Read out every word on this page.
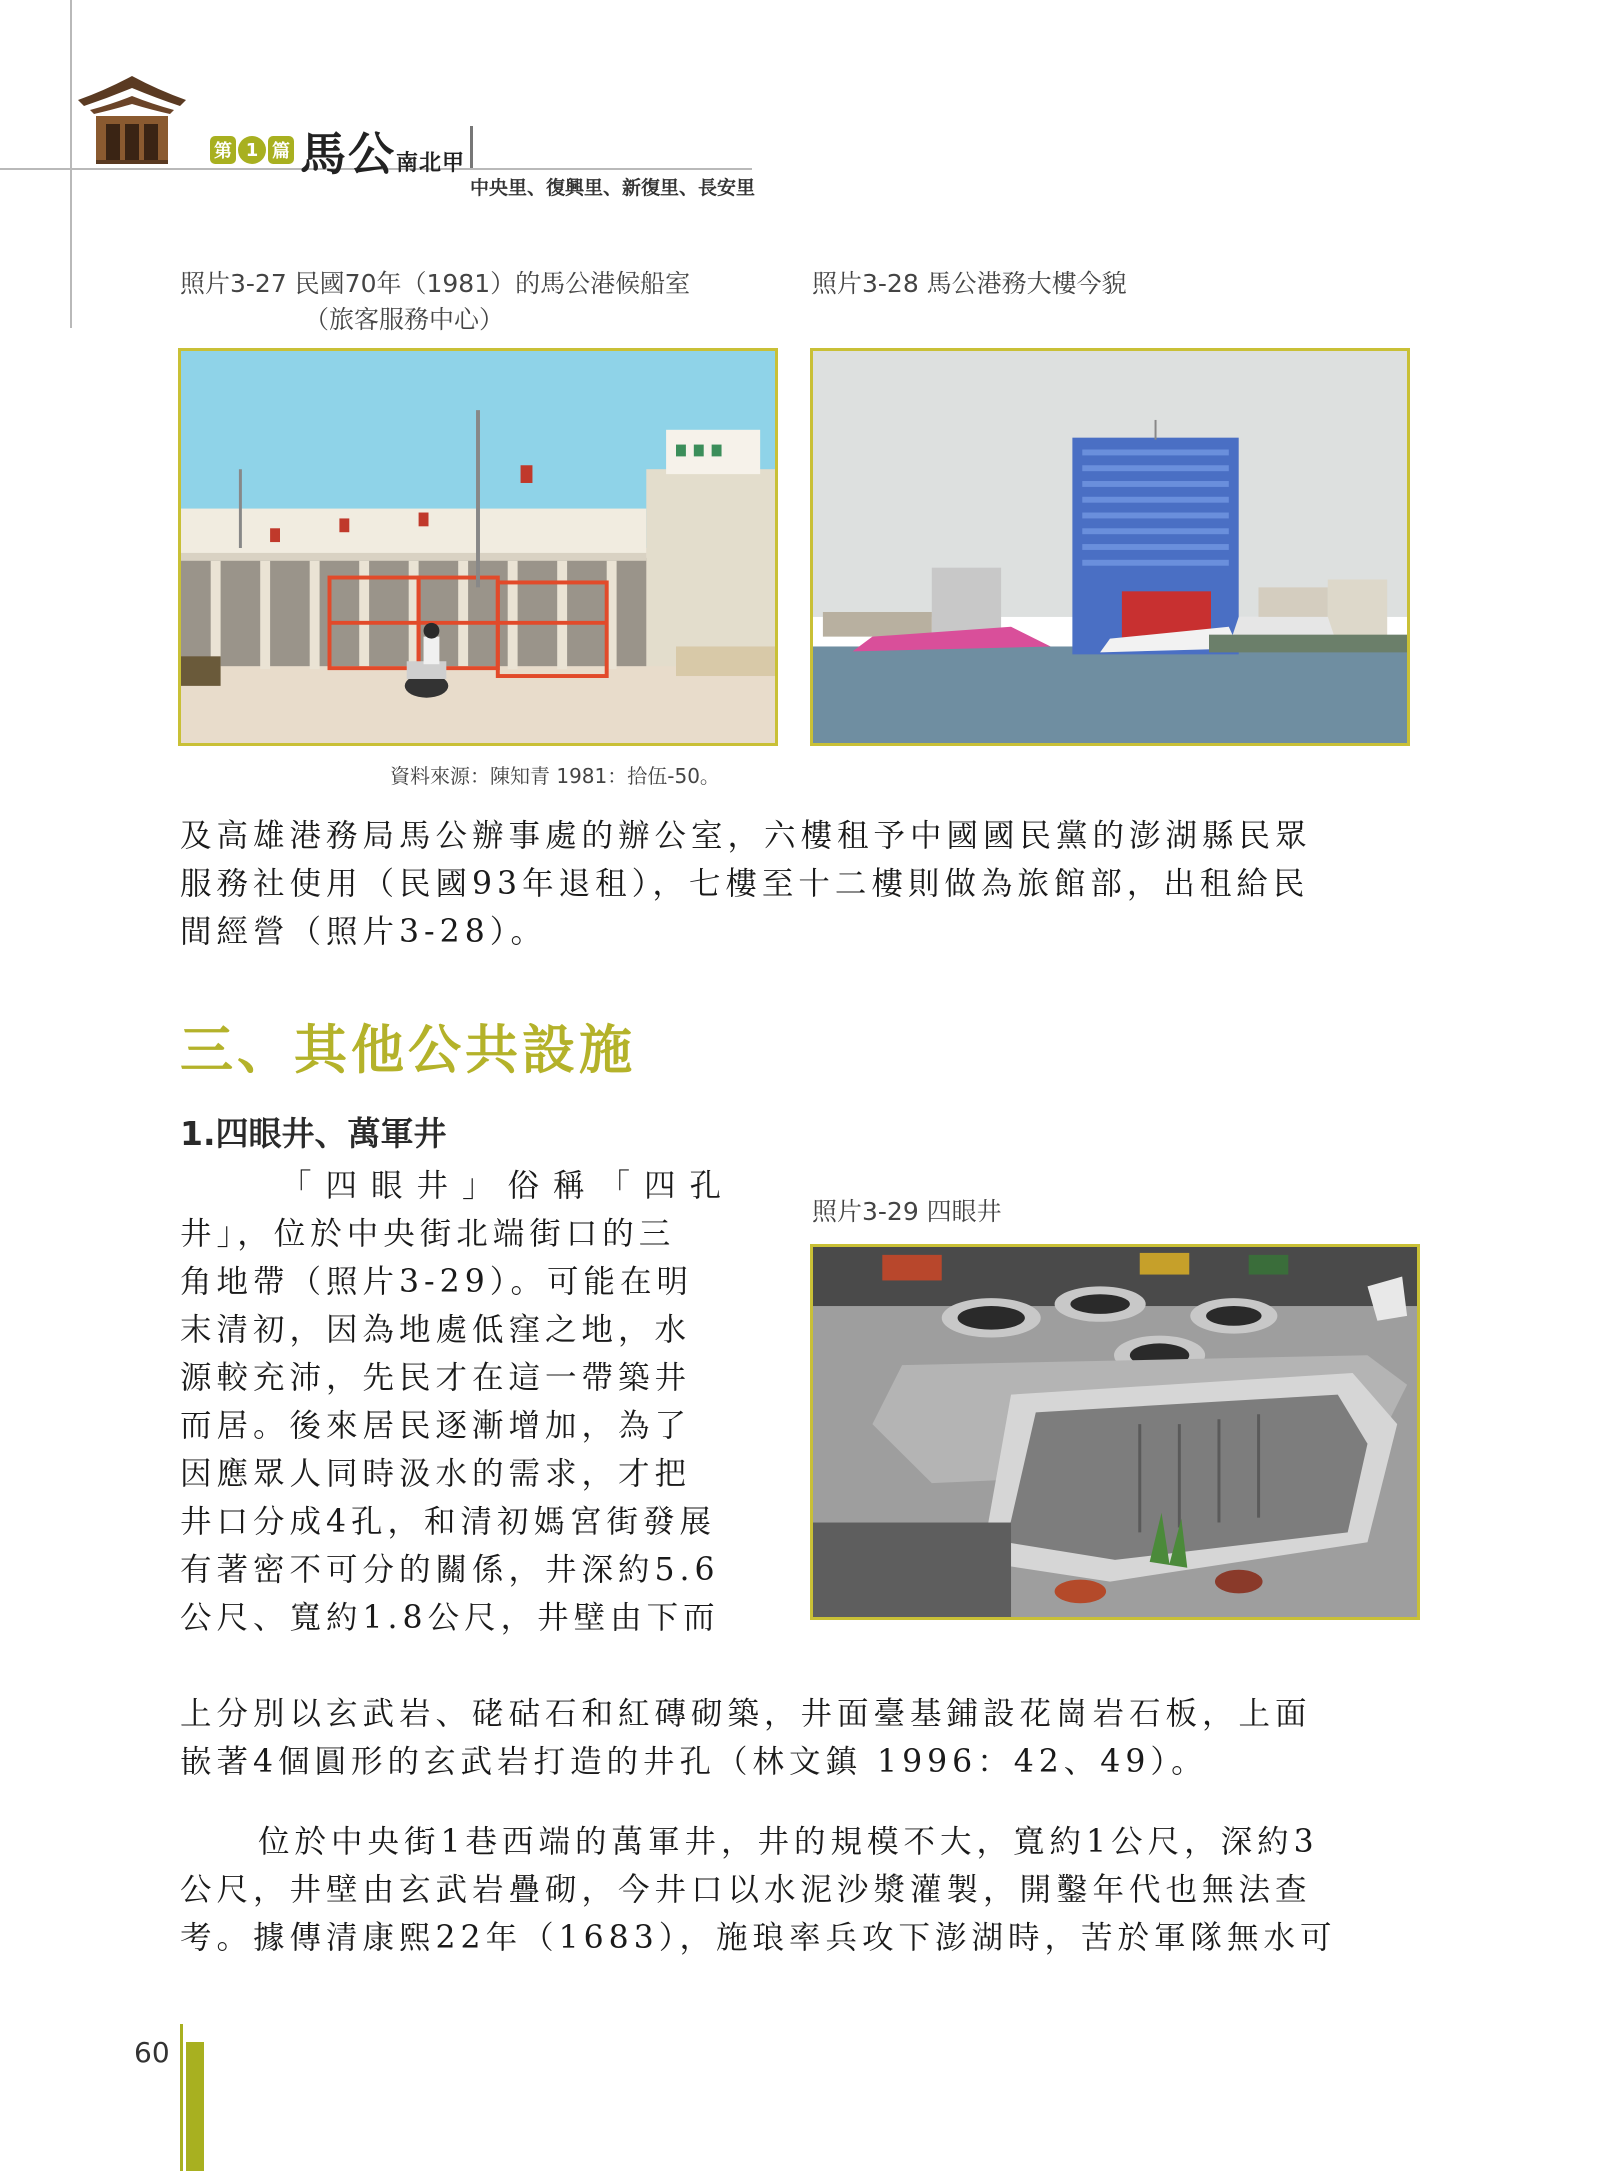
第 1 篇 馬公南北甲
中央里、復興里、新復里、長安里
照片3-27 民國70年（1981）的馬公港候船室
（旅客服務中心）
照片3-28 馬公港務大樓今貌
資料來源：陳知青 1981：拾伍-50。
及高雄港務局馬公辦事處的辦公室，六樓租予中國國民黨的澎湖縣民眾
服務社使用（民國93年退租），七樓至十二樓則做為旅館部，出租給民
間經營（照片3-28）。
三、其他公共設施
1.四眼井、萬軍井
「四眼井」俗稱「四孔
井」，位於中央街北端街口的三
角地帶（照片3-29）。可能在明
末清初，因為地處低窪之地，水
源較充沛，先民才在這一帶築井
而居。後來居民逐漸增加，為了
因應眾人同時汲水的需求，才把
井口分成4孔，和清初媽宮街發展
有著密不可分的關係，井深約5.6
公尺、寬約1.8公尺，井壁由下而
照片3-29 四眼井
上分別以玄武岩、硓𥑮石和紅磚砌築，井面臺基鋪設花崗岩石板，上面
嵌著4個圓形的玄武岩打造的井孔（林文鎮 1996：42、49）。
位於中央街1巷西端的萬軍井，井的規模不大，寬約1公尺，深約3
公尺，井壁由玄武岩疊砌，今井口以水泥沙漿灌製，開鑿年代也無法查
考。據傳清康熙22年（1683），施琅率兵攻下澎湖時，苦於軍隊無水可
60
